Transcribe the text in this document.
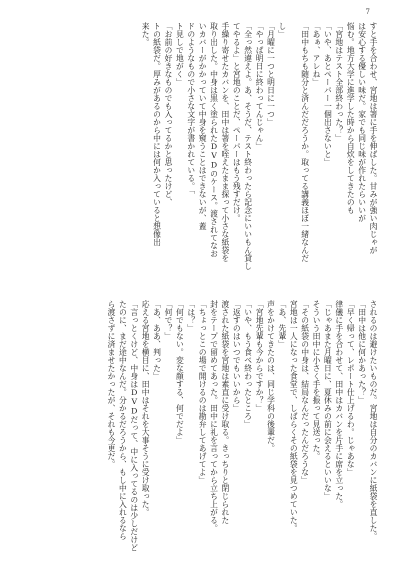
7
すと手を合わせ、宮地は箸に手を伸ばした。甘みが強い肉じゃが
は安心する優しい味だ。家でも同じ味が作れたらいいが
悩む。地方大学に進学した時から自炊をしてきたのも
「宮地はテスト全部終わった？」
「いや、あとペーパー一個出さないと」
「あぁ、アレね」
「田中もちも随分と済んだだろうか。取ってる講義ほぼ一緒なんだ
し」
「月曜に一つと明日に一つ」
「やっぱ明日に終わってんじゃん」
「全っ然違えよ。あ、そうだ、テスト終わったら記念にいいもん貸し
てやるよ」と宮地のことだ、ペーパーはもう残すだけ。
手繰り寄せたカバンを、田中は箸を咥えたまま探って小さな紙袋を
取り出した。中身は黒く塗られたDVDのケース。渡されてなお
いカバーがかかっていて中身を窺うことはできないが、蓋
ドのようなもので小さな文字が書かれている。「
ト見しで地がく」
「お前の好きなものでも入ってるかと思ったけど、
トの紙袋だ。厚みがあるのから中には何か入っていると想像出
来た。
されるのは避けたいものだ。宮地は自分のカバンに紙袋を直した。
「田中は他に何かあった？」
「早く帰って、レポート仕上げるわ。じゃあな」
律儀に手を合わせて、田中はカバンを片手に席を立った。
「じゃあまた月曜日に、夏休みの前に会えるといいな」
そういう田中に小さく手を振って見送った。
「その紙袋の中身は、結局なんだったんだろうな」
宮地は一人になった食堂で、しばらくその紙袋を見つめていた。
「あ、先輩」
声をかけてきたのは、同じ学科の後輩だ。
「宮地先輩も今からですか？」
「いや、もう食べ終わったところ」
「返すのはいつでもいいから」
渡された紙袋を宮地は素直に受け取る。きっちりと閉じられた
封をテープで留めてあった。田中に礼を言ってから立ち上がる。
「ちょっとこの場で開けるのは勘弁してあげてよ」
「は？」
「何でもない。変な顔する、何でだよ」
「何で？」
「あ、ああ、判った」
応える宮地を横目に、田中はそれを大事そうに受け取った。
「言っとくけど、中身はDVDだって、中に入ってるのは少しだけど
たのに、まだ途中なんだ。分かるだろうから、もし中に入れるなら
ら渡さずに済ませたかったが、それも今更だ。
